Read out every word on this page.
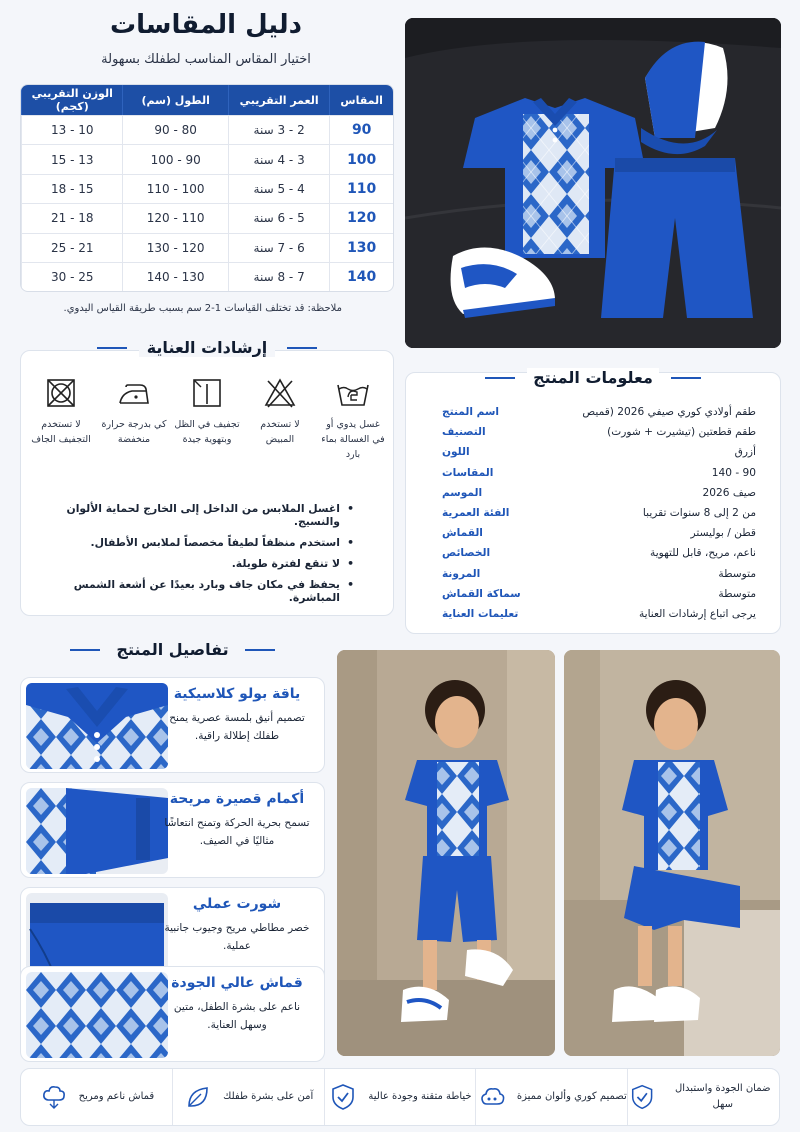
دليل المقاسات
اختيار المقاس المناسب لطفلك بسهولة
المقاس
العمر التقريبي
الطول (سم)
الوزن التقريبي (كجم)
90
2 - 3 سنة
80 - 90
10 - 13
100
3 - 4 سنة
90 - 100
13 - 15
110
4 - 5 سنة
100 - 110
15 - 18
120
5 - 6 سنة
110 - 120
18 - 21
130
6 - 7 سنة
120 - 130
21 - 25
140
7 - 8 سنة
130 - 140
25 - 30
ملاحظة: قد تختلف القياسات 1-2 سم بسبب طريقة القياس اليدوي.
إرشادات العناية
غسل يدوي أو في الغسالة بماء بارد
لا تستخدم المبيض
تجفيف في الظل وبتهوية جيدة
كي بدرجة حرارة منخفضة
لا تستخدم التجفيف الجاف
• اغسل الملابس من الداخل إلى الخارج لحماية الألوان والنسيج.
• استخدم منظفاً لطيفاً مخصصاً لملابس الأطفال.
• لا تنقع لفترة طويلة.
• يحفظ في مكان جاف وبارد بعيدًا عن أشعة الشمس المباشرة.
معلومات المنتج
طقم أولادي كوري صيفي 2026 (قميص
اسم المنتج
طقم قطعتين (تيشيرت + شورت)
التصنيف
أزرق
اللون
90 - 140
المقاسات
صيف 2026
الموسم
من 2 إلى 8 سنوات تقريبا
الفئة العمرية
قطن / بوليستر
القماش
ناعم، مريح، قابل للتهوية
الخصائص
متوسطة
المرونة
متوسطة
سماكة القماش
يرجى اتباع إرشادات العناية
تعليمات العناية
تفاصيل المنتج
ياقة بولو كلاسيكية
تصميم أنيق بلمسة عصرية يمنح طفلك إطلالة راقية.
أكمام قصيرة مريحة
تسمح بحرية الحركة وتمنح انتعاشًا مثاليًا في الصيف.
شورت عملي
خصر مطاطي مريح وجيوب جانبية عملية.
قماش عالي الجودة
ناعم على بشرة الطفل، متين وسهل العناية.
ضمان الجودة واستبدال سهل
تصميم كوري وألوان مميزة
خياطة متقنة وجودة عالية
آمن على بشرة طفلك
قماش ناعم ومريح
